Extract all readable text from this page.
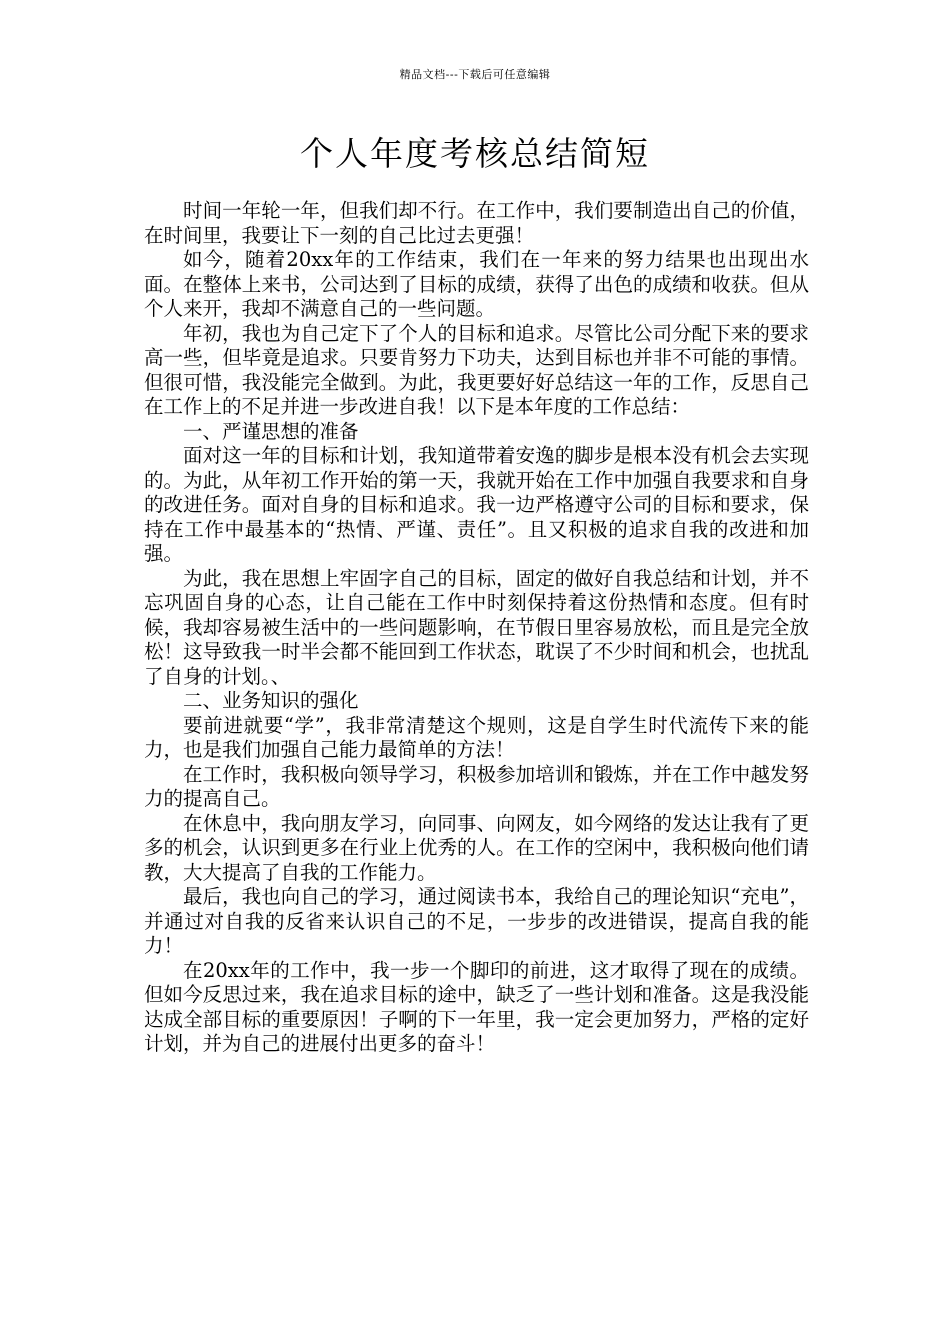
精品文档---下载后可任意编辑
个人年度考核总结简短

时间一年轮一年，但我们却不行。在工作中，我们要制造出自己的价值，在时间里，我要让下一刻的自己比过去更强！

如今，随着20xx年的工作结束，我们在一年来的努力结果也出现出水面。在整体上来书，公司达到了目标的成绩，获得了出色的成绩和收获。但从个人来开，我却不满意自己的一些问题。

年初，我也为自己定下了个人的目标和追求。尽管比公司分配下来的要求高一些，但毕竟是追求。只要肯努力下功夫，达到目标也并非不可能的事情。但很可惜，我没能完全做到。为此，我更要好好总结这一年的工作，反思自己在工作上的不足并进一步改进自我！以下是本年度的工作总结：

一、严谨思想的准备

面对这一年的目标和计划，我知道带着安逸的脚步是根本没有机会去实现的。为此，从年初工作开始的第一天，我就开始在工作中加强自我要求和自身的改进任务。面对自身的目标和追求。我一边严格遵守公司的目标和要求，保持在工作中最基本的“热情、严谨、责任”。且又积极的追求自我的改进和加强。

为此，我在思想上牢固字自己的目标，固定的做好自我总结和计划，并不忘巩固自身的心态，让自己能在工作中时刻保持着这份热情和态度。但有时候，我却容易被生活中的一些问题影响，在节假日里容易放松，而且是完全放松！这导致我一时半会都不能回到工作状态，耽误了不少时间和机会，也扰乱了自身的计划。、

二、业务知识的强化

要前进就要“学”，我非常清楚这个规则，这是自学生时代流传下来的能力，也是我们加强自己能力最简单的方法！

在工作时，我积极向领导学习，积极参加培训和锻炼，并在工作中越发努力的提高自己。

在休息中，我向朋友学习，向同事、向网友，如今网络的发达让我有了更多的机会，认识到更多在行业上优秀的人。在工作的空闲中，我积极向他们请教，大大提高了自我的工作能力。

最后，我也向自己的学习，通过阅读书本，我给自己的理论知识“充电”，并通过对自我的反省来认识自己的不足，一步步的改进错误，提高自我的能力！

在20xx年的工作中，我一步一个脚印的前进，这才取得了现在的成绩。但如今反思过来，我在追求目标的途中，缺乏了一些计划和准备。这是我没能达成全部目标的重要原因！子啊的下一年里，我一定会更加努力，严格的定好计划，并为自己的进展付出更多的奋斗！
